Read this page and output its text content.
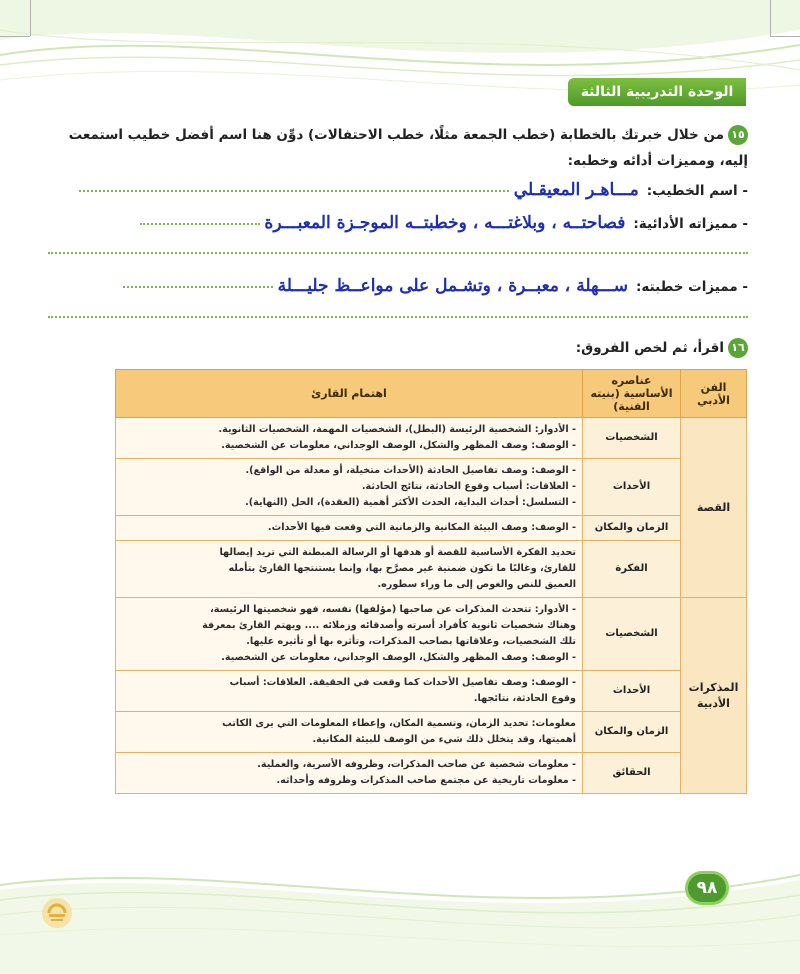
الوحدة التدريبية الثالثة
١٥من خلال خبرتك بالخطابة (خطب الجمعة مثلًا، خطب الاحتفالات) دوِّن هنا اسم أفضل خطيب استمعت
إليه، ومميزات أدائه وخطبه:
- اسم الخطيب:مـــاهـر المعيقـلي
- مميزاته الأدائية:فصاحتــه ، وبلاغتـــه ، وخطبتــه الموجـزة المعبـــرة
- مميزات خطبته:ســـهلة ، معبــرة ، وتشـمل على مواعــظ جليـــلة
١٦اقرأ، ثم لخص الفروق:
الفن الأدبي	عناصره الأساسية (بنيته الفنية)	اهتمام القارئ
القصة	الشخصيات	- الأدوار: الشخصية الرئيسة (البطل)، الشخصيات المهمة، الشخصيات الثانوية.
- الوصف: وصف المظهر والشكل، الوصف الوجداني، معلومات عن الشخصية.

	الأحداث	- الوصف: وصف تفاصيل الحادثة (الأحداث متخيلة، أو معدلة من الواقع).
- العلاقات: أسباب وقوع الحادثة، نتائج الحادثة.
- التسلسل: أحداث البداية، الحدث الأكثر أهمية (العقدة)، الحل (النهاية).

	الزمان والمكان	- الوصف: وصف البيئة المكانية والزمانية التي وقعت فيها الأحداث.

	الفكرة	تحديد الفكرة الأساسية للقصة أو هدفها أو الرسالة المبطنة التي تريد إيصالها
للقارئ، وغالبًا ما تكون ضمنية غير مصرَّح بها، وإنما يستنتجها القارئ بتأمله
العميق للنص والغوص إلى ما وراء سطوره.

المذكرات الأدبية	الشخصيات	- الأدوار: تتحدث المذكرات عن صاحبها (مؤلفها) نفسه، فهو شخصيتها الرئيسة،
وهناك شخصيات ثانوية كأفراد أسرته وأصدقائه وزملائه .... ويهتم القارئ بمعرفة
تلك الشخصيات، وعلاقاتها بصاحب المذكرات، وتأثره بها أو تأثيره عليها.
- الوصف: وصف المظهر والشكل، الوصف الوجداني، معلومات عن الشخصية.

	الأحداث	- الوصف: وصف تفاصيل الأحداث كما وقعت في الحقيقة. العلاقات: أسباب
وقوع الحادثة، نتائجها.

	الزمان والمكان	معلومات: تحديد الزمان، وتسمية المكان، وإعطاء المعلومات التي يرى الكاتب
أهميتها، وقد يتخلل ذلك شيء من الوصف للبيئة المكانية.

	الحقائق	- معلومات شخصية عن صاحب المذكرات، وظروفه الأسرية، والعملية.
- معلومات تاريخية عن مجتمع صاحب المذكرات وظروفه وأحداثه.
٩٨
